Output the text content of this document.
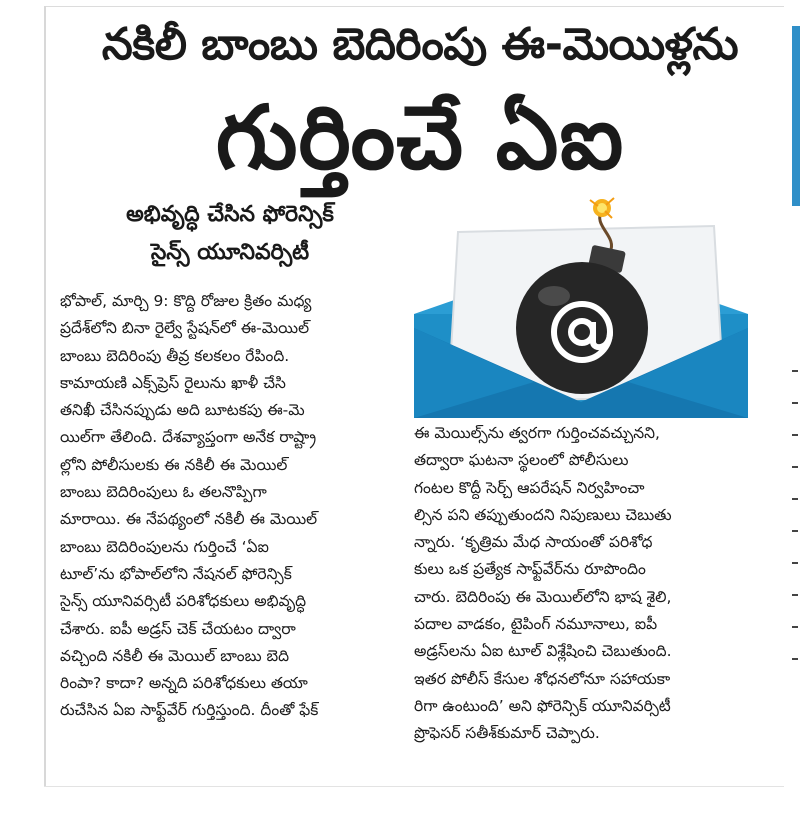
నకిలీ బాంబు బెదిరింపు ఈ-మెయిళ్లను
గుర్తించే ఏఐ
అభివృద్ధి చేసిన ఫోరెన్సిక్
సైన్స్ యూనివర్సిటీ
భోపాల్, మార్చి 9: కొద్ది రోజుల క్రితం మధ్య
ప్రదేశ్‌లోని బినా రైల్వే స్టేషన్‌లో ఈ-మెయిల్
బాంబు బెదిరింపు తీవ్ర కలకలం రేపింది.
కామాయణి ఎక్స్‌ప్రెస్ రైలును ఖాళీ చేసి
తనిఖీ చేసినప్పుడు అది బూటకపు ఈ-మె
యిల్‌గా తేలింది. దేశవ్యాప్తంగా అనేక రాష్ట్రా
ల్లోని పోలీసులకు ఈ నకిలీ ఈ మెయిల్
బాంబు బెదిరింపులు ఓ తలనొప్పిగా
మారాయి. ఈ నేపథ్యంలో నకిలీ ఈ మెయిల్
బాంబు బెదిరింపులను గుర్తించే ‘ఏఐ
టూల్’ను భోపాల్‌లోని నేషనల్ ఫోరెన్సిక్
సైన్స్ యూనివర్సిటీ పరిశోధకులు అభివృద్ధి
చేశారు. ఐపీ అడ్రస్ చెక్ చేయటం ద్వారా
వచ్చింది నకిలీ ఈ మెయిల్ బాంబు బెది
రింపా? కాదా? అన్నది పరిశోధకులు తయా
రుచేసిన ఏఐ సాఫ్ట్‌వేర్ గుర్తిస్తుంది. దీంతో ఫేక్
ఈ మెయిల్స్‌ను త్వరగా గుర్తించవచ్చునని,
తద్వారా ఘటనా స్థలంలో పోలీసులు
గంటల కొద్దీ సెర్చ్ ఆపరేషన్ నిర్వహించా
ల్సిన పని తప్పుతుందని నిపుణులు చెబుతు
న్నారు. ‘కృత్రిమ మేధ సాయంతో పరిశోధ
కులు ఒక ప్రత్యేక సాఫ్ట్‌వేర్‌ను రూపొందిం
చారు. బెదిరింపు ఈ మెయిల్‌లోని భాష శైలి,
పదాల వాడకం, టైపింగ్ నమూనాలు, ఐపీ
అడ్రస్‌లను ఏఐ టూల్ విశ్లేషించి చెబుతుంది.
ఇతర పోలీస్ కేసుల శోధనలోనూ సహాయకా
రిగా ఉంటుంది’ అని ఫోరెన్సిక్ యూనివర్సిటీ
ప్రొఫెసర్ సతీశ్‌కుమార్ చెప్పారు.
